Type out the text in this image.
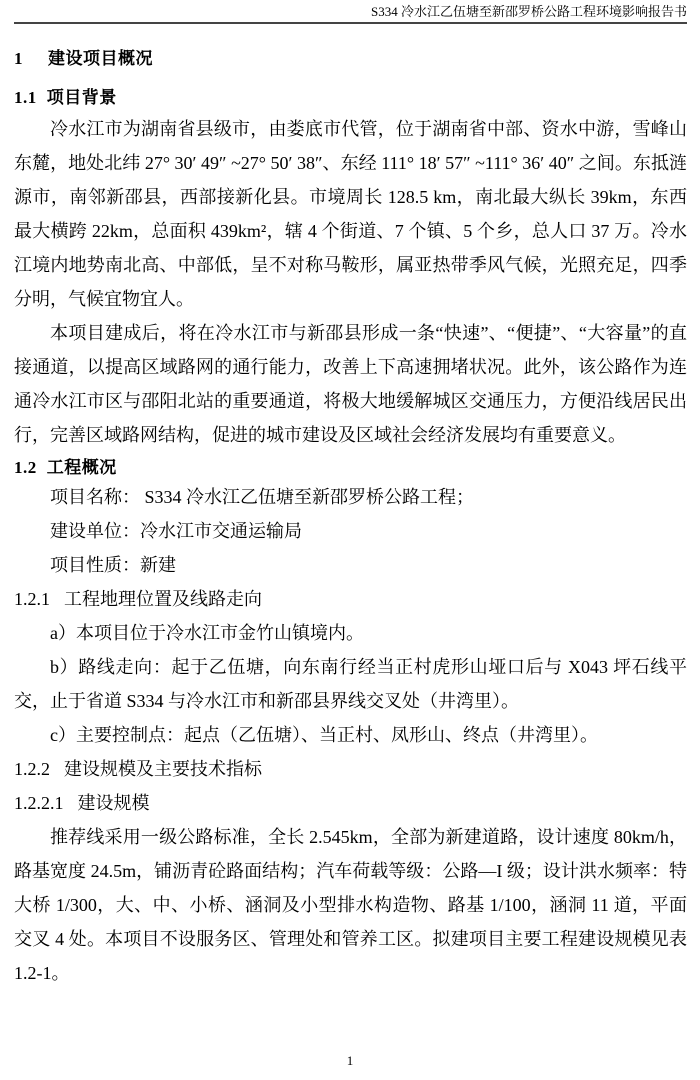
S334 冷水江乙伍塘至新邵罗桥公路工程环境影响报告书
1 建设项目概况
1.1 项目背景

冷水江市为湖南省县级市，由娄底市代管，位于湖南省中部、资水中游，雪峰山东麓，地处北纬 27° 30′ 49″ ~27° 50′ 38″、东经 111° 18′ 57″ ~111° 36′ 40″ 之间。东抵涟源市，南邻新邵县，西部接新化县。市境周长 128.5 km，南北最大纵长 39km，东西最大横跨 22km，总面积 439km²，辖 4 个街道、7 个镇、5 个乡，总人口 37 万。冷水江境内地势南北高、中部低，呈不对称马鞍形，属亚热带季风气候，光照充足，四季分明，气候宜物宜人。

本项目建成后，将在冷水江市与新邵县形成一条“快速”、“便捷”、“大容量”的直接通道，以提高区域路网的通行能力，改善上下高速拥堵状况。此外，该公路作为连通冷水江市区与邵阳北站的重要通道，将极大地缓解城区交通压力，方便沿线居民出行，完善区域路网结构，促进的城市建设及区域社会经济发展均有重要意义。

1.2 工程概况

项目名称： S334 冷水江乙伍塘至新邵罗桥公路工程；

建设单位：冷水江市交通运输局

项目性质：新建

1.2.1 工程地理位置及线路走向

a）本项目位于冷水江市金竹山镇境内。

b）路线走向：起于乙伍塘，向东南行经当正村虎形山垭口后与 X043 坪石线平交，止于省道 S334 与冷水江市和新邵县界线交叉处（井湾里）。

c）主要控制点：起点（乙伍塘）、当正村、凤形山、终点（井湾里）。

1.2.2 建设规模及主要技术指标
1.2.2.1 建设规模

推荐线采用一级公路标准，全长 2.545km，全部为新建道路，设计速度 80km/h，路基宽度 24.5m，铺沥青砼路面结构；汽车荷载等级：公路—I 级；设计洪水频率：特大桥 1/300，大、中、小桥、涵洞及小型排水构造物、路基 1/100，涵洞 11 道，平面交叉 4 处。本项目不设服务区、管理处和管养工区。拟建项目主要工程建设规模见表 1.2-1。

1
